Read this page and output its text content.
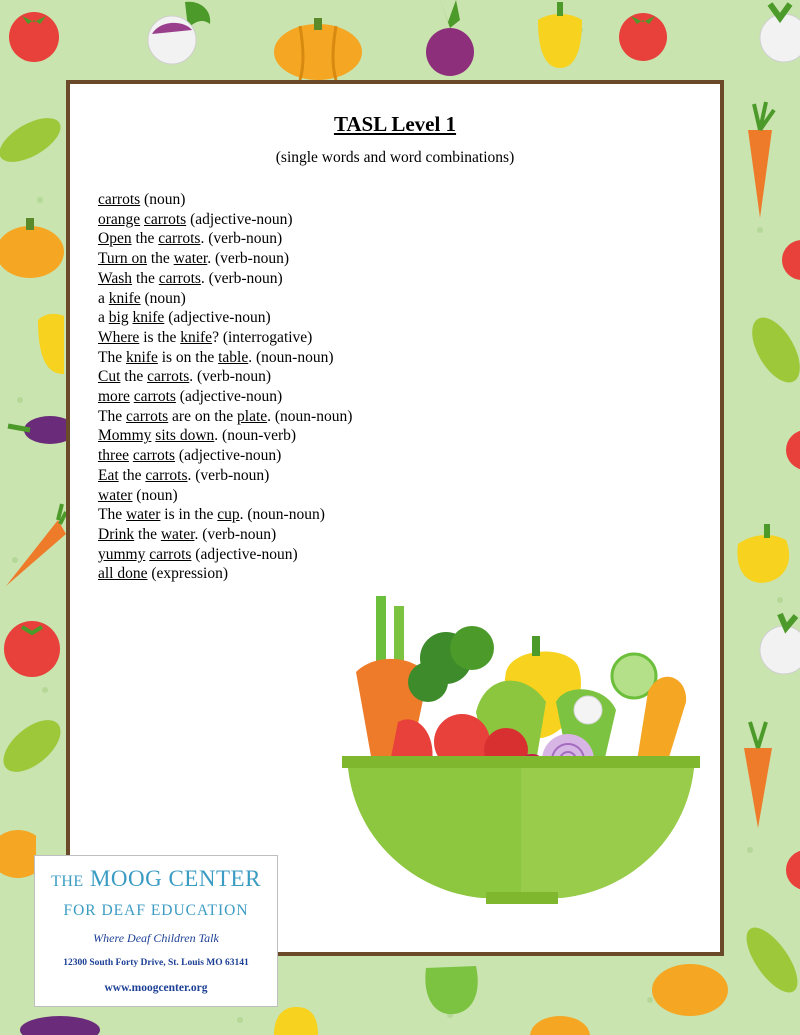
TASL Level 1
(single words and word combinations)
carrots (noun)
orange carrots (adjective-noun)
Open the carrots. (verb-noun)
Turn on the water. (verb-noun)
Wash the carrots. (verb-noun)
a knife (noun)
a big knife (adjective-noun)
Where is the knife? (interrogative)
The knife is on the table. (noun-noun)
Cut the carrots. (verb-noun)
more carrots (adjective-noun)
The carrots are on the plate. (noun-noun)
Mommy sits down. (noun-verb)
three carrots (adjective-noun)
Eat the carrots. (verb-noun)
water (noun)
The water is in the cup. (noun-noun)
Drink the water. (verb-noun)
yummy carrots (adjective-noun)
all done (expression)
THE MOOG CENTER
FOR DEAF EDUCATION
Where Deaf Children Talk
12300 South Forty Drive, St. Louis MO 63141
www.moogcenter.org
